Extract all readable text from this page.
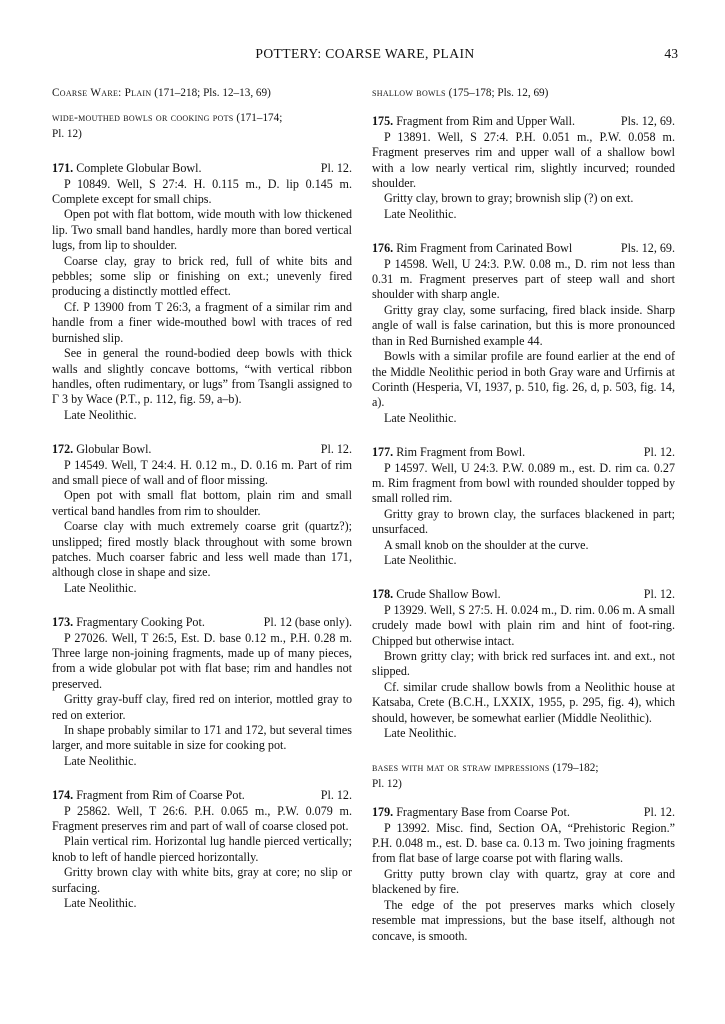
POTTERY: COARSE WARE, PLAIN	43

Coarse Ware: Plain (171–218; Pls. 12–13, 69)

wide-mouthed bowls or cooking pots (171–174;
Pl. 12)

171. Complete Globular Bowl.	Pl. 12.

P 10849. Well, S 27:4. H. 0.115 m., D. lip 0.145 m. Complete except for small chips.

Open pot with flat bottom, wide mouth with low thickened lip. Two small band handles, hardly more than bored vertical lugs, from lip to shoulder.

Coarse clay, gray to brick red, full of white bits and pebbles; some slip or finishing on ext.; unevenly fired producing a distinctly mottled effect.

Cf. P 13900 from T 26:3, a fragment of a similar rim and handle from a finer wide-mouthed bowl with traces of red burnished slip.

See in general the round-bodied deep bowls with thick walls and slightly concave bottoms, “with vertical ribbon handles, often rudimentary, or lugs” from Tsangli assigned to Γ 3 by Wace (P.T., p. 112, fig. 59, a–b).

Late Neolithic.

172. Globular Bowl.	Pl. 12.

P 14549. Well, T 24:4. H. 0.12 m., D. 0.16 m. Part of rim and small piece of wall and of floor missing.

Open pot with small flat bottom, plain rim and small vertical band handles from rim to shoulder.

Coarse clay with much extremely coarse grit (quartz?); unslipped; fired mostly black throughout with some brown patches. Much coarser fabric and less well made than 171, although close in shape and size.

Late Neolithic.

173. Fragmentary Cooking Pot.	Pl. 12 (base only).

P 27026. Well, T 26:5, Est. D. base 0.12 m., P.H. 0.28 m. Three large non-joining fragments, made up of many pieces, from a wide globular pot with flat base; rim and handles not preserved.

Gritty gray-buff clay, fired red on interior, mottled gray to red on exterior.

In shape probably similar to 171 and 172, but several times larger, and more suitable in size for cooking pot.

Late Neolithic.

174. Fragment from Rim of Coarse Pot.	Pl. 12.

P 25862. Well, T 26:6. P.H. 0.065 m., P.W. 0.079 m. Fragment preserves rim and part of wall of coarse closed pot.

Plain vertical rim. Horizontal lug handle pierced vertically; knob to left of handle pierced horizontally.

Gritty brown clay with white bits, gray at core; no slip or surfacing.

Late Neolithic.

shallow bowls (175–178; Pls. 12, 69)

175. Fragment from Rim and Upper Wall.	Pls. 12, 69.

P 13891. Well, S 27:4. P.H. 0.051 m., P.W. 0.058 m. Fragment preserves rim and upper wall of a shallow bowl with a low nearly vertical rim, slightly incurved; rounded shoulder.

Gritty clay, brown to gray; brownish slip (?) on ext.

Late Neolithic.

176. Rim Fragment from Carinated Bowl	Pls. 12, 69.

P 14598. Well, U 24:3. P.W. 0.08 m., D. rim not less than 0.31 m. Fragment preserves part of steep wall and short shoulder with sharp angle.

Gritty gray clay, some surfacing, fired black inside. Sharp angle of wall is false carination, but this is more pronounced than in Red Burnished example 44.

Bowls with a similar profile are found earlier at the end of the Middle Neolithic period in both Gray ware and Urfirnis at Corinth (Hesperia, VI, 1937, p. 510, fig. 26, d, p. 503, fig. 14, a).

Late Neolithic.

177. Rim Fragment from Bowl.	Pl. 12.

P 14597. Well, U 24:3. P.W. 0.089 m., est. D. rim ca. 0.27 m. Rim fragment from bowl with rounded shoulder topped by small rolled rim.

Gritty gray to brown clay, the surfaces blackened in part; unsurfaced.

A small knob on the shoulder at the curve.

Late Neolithic.

178. Crude Shallow Bowl.	Pl. 12.

P 13929. Well, S 27:5. H. 0.024 m., D. rim. 0.06 m. A small crudely made bowl with plain rim and hint of foot-ring. Chipped but otherwise intact.

Brown gritty clay; with brick red surfaces int. and ext., not slipped.

Cf. similar crude shallow bowls from a Neolithic house at Katsaba, Crete (B.C.H., LXXIX, 1955, p. 295, fig. 4), which should, however, be somewhat earlier (Middle Neolithic).

Late Neolithic.

bases with mat or straw impressions (179–182;
Pl. 12)

179. Fragmentary Base from Coarse Pot.	Pl. 12.

P 13992. Misc. find, Section OA, “Prehistoric Region.” P.H. 0.048 m., est. D. base ca. 0.13 m. Two joining fragments from flat base of large coarse pot with flaring walls.

Gritty putty brown clay with quartz, gray at core and blackened by fire.

The edge of the pot preserves marks which closely resemble mat impressions, but the base itself, although not concave, is smooth.
